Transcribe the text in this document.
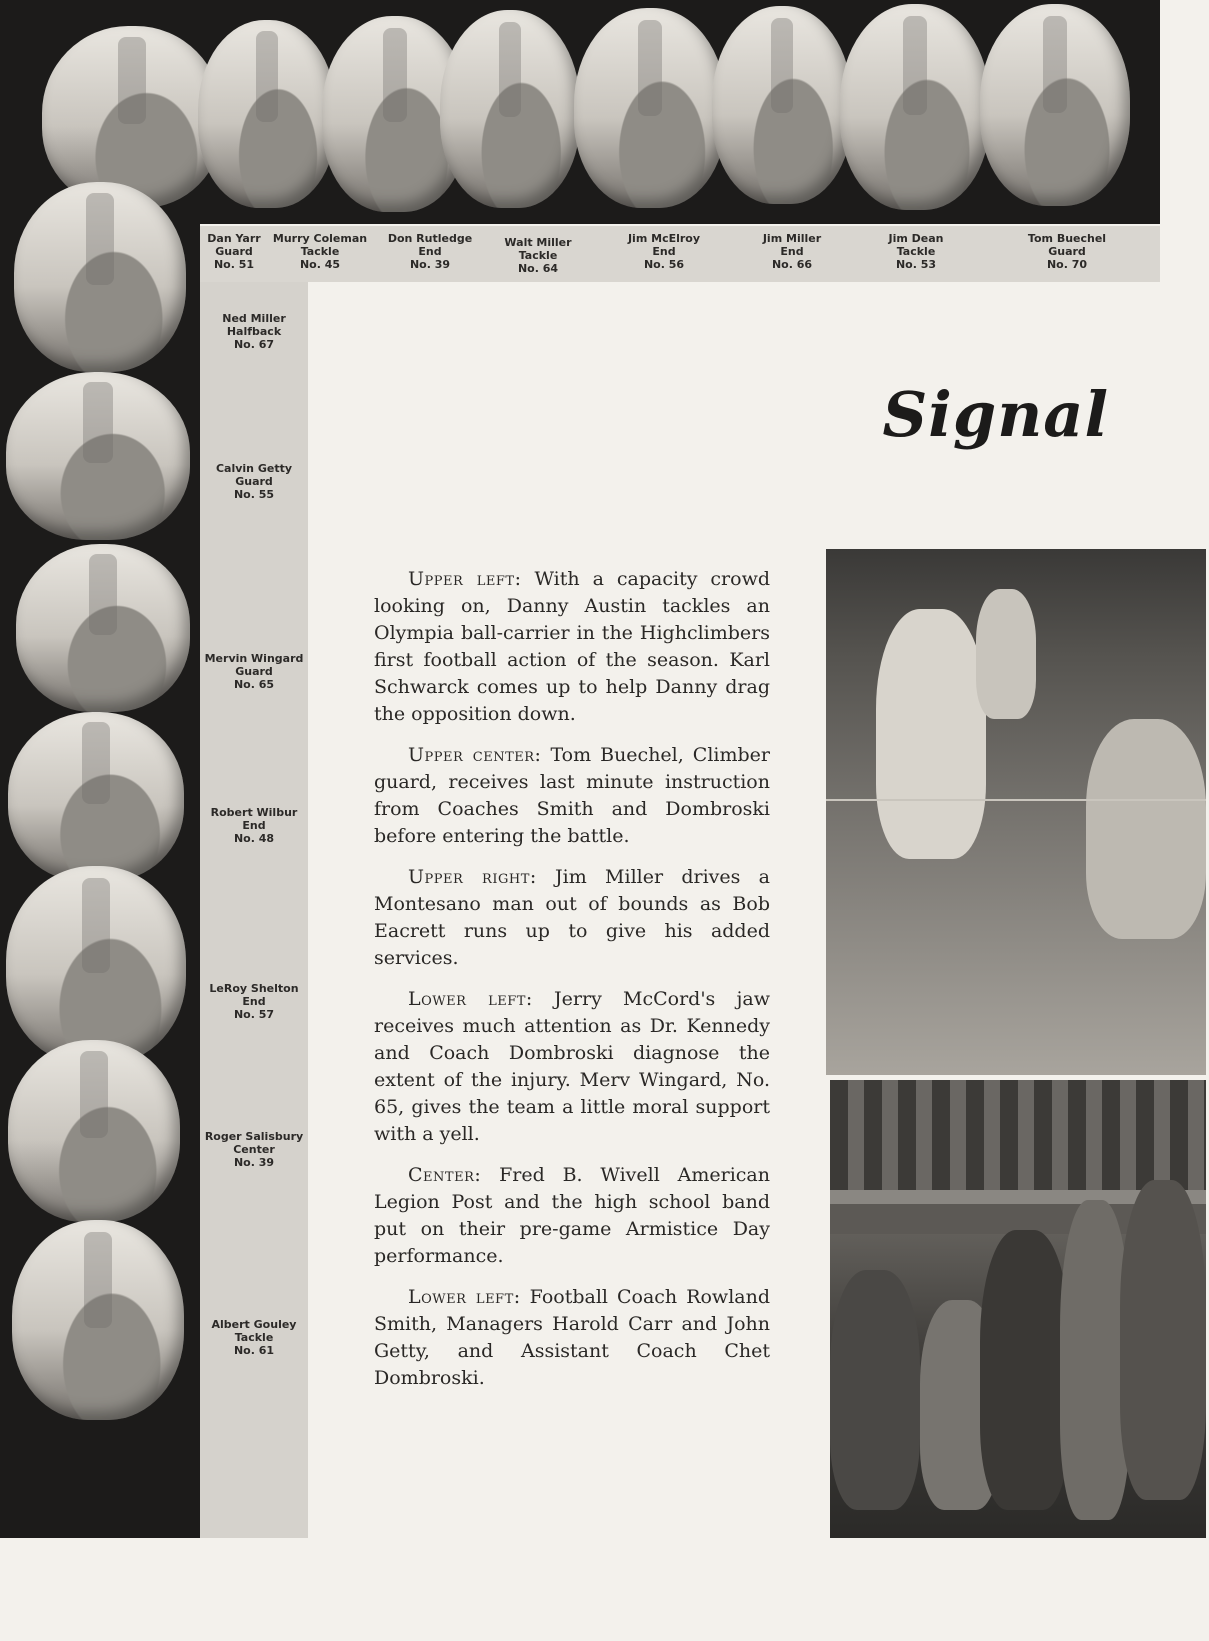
Dan Yarr
Guard
No. 51
Murry Coleman
Tackle
No. 45
Don Rutledge
End
No. 39
Walt Miller
Tackle
No. 64
Jim McElroy
End
No. 56
Jim Miller
End
No. 66
Jim Dean
Tackle
No. 53
Tom Buechel
Guard
No. 70
Ned Miller
Halfback
No. 67
Calvin Getty
Guard
No. 55
Mervin Wingard
Guard
No. 65
Robert Wilbur
End
No. 48
LeRoy Shelton
End
No. 57
Roger Salisbury
Center
No. 39
Albert Gouley
Tackle
No. 61
Signal

Upper left: With a capacity crowd looking on, Danny Austin tackles an Olympia ball-carrier in the Highclimbers first football action of the season. Karl Schwarck comes up to help Danny drag the opposition down.

Upper center: Tom Buechel, Climber guard, receives last minute instruction from Coaches Smith and Dombroski before entering the battle.

Upper right: Jim Miller drives a Montesano man out of bounds as Bob Eacrett runs up to give his added services.

Lower left: Jerry McCord's jaw receives much attention as Dr. Kennedy and Coach Dombroski diagnose the extent of the injury. Merv Wingard, No. 65, gives the team a little moral support with a yell.

Center: Fred B. Wivell American Legion Post and the high school band put on their pre-game Armistice Day performance.

Lower left: Football Coach Rowland Smith, Managers Harold Carr and John Getty, and Assistant Coach Chet Dombroski.
